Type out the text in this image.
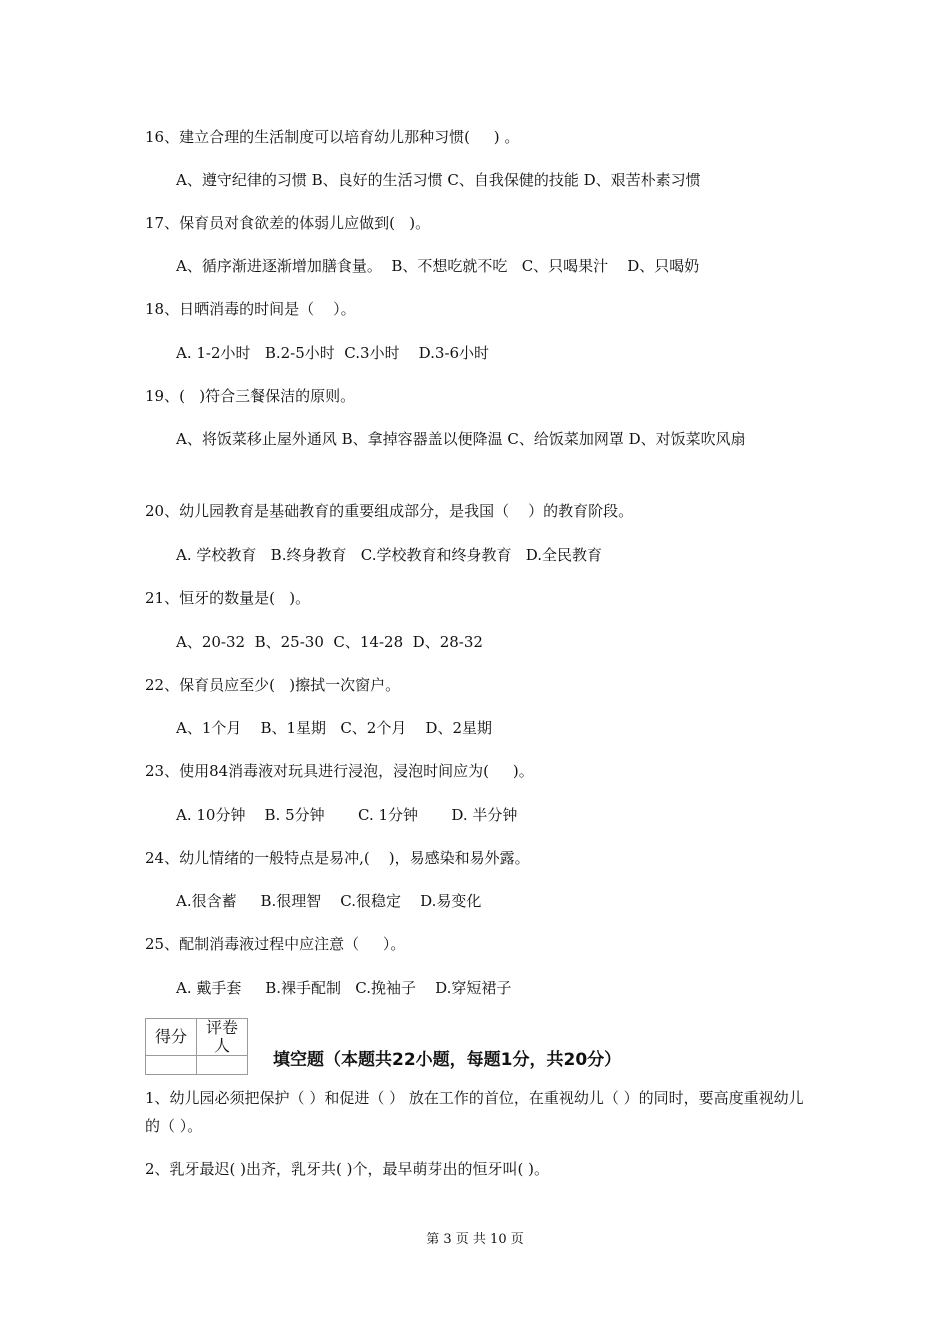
16、建立合理的生活制度可以培育幼儿那种习惯(     ) 。
A、遵守纪律的习惯 B、良好的生活习惯 C、自我保健的技能 D、艰苦朴素习惯
17、保育员对食欲差的体弱儿应做到(   )。
A、循序渐进逐渐增加膳食量。  B、不想吃就不吃   C、只喝果汁    D、只喝奶
18、日晒消毒的时间是（    ）。
A. 1-2小时   B.2-5小时  C.3小时    D.3-6小时
19、(   )符合三餐保洁的原则。
A、将饭菜移止屋外通风 B、拿掉容器盖以便降温 C、给饭菜加网罩 D、对饭菜吹风扇
20、幼儿园教育是基础教育的重要组成部分，是我国（    ）的教育阶段。
A. 学校教育   B.终身教育   C.学校教育和终身教育   D.全民教育
21、恒牙的数量是(   )。
A、20-32  B、25-30  C、14-28  D、28-32
22、保育员应至少(   )擦拭一次窗户。
A、1个月    B、1星期   C、2个月    D、2星期
23、使用84消毒液对玩具进行浸泡，浸泡时间应为(     )。
A. 10分钟    B. 5分钟       C. 1分钟       D. 半分钟
24、幼儿情绪的一般特点是易冲,(    )，易感染和易外露。
A.很含蓄     B.很理智    C.很稳定    D.易变化
25、配制消毒液过程中应注意（     ）。
A. 戴手套     B.裸手配制   C.挽袖子    D.穿短裙子
得分	评卷人

填空题（本题共22小题，每题1分，共20分）
1、幼儿园必须把保护（ ）和促进（ ） 放在工作的首位，在重视幼儿（ ）的同时，要高度重视幼儿的（ ）。
2、乳牙最迟( )出齐，乳牙共( )个，最早萌芽出的恒牙叫( )。
第 3 页 共 10 页
